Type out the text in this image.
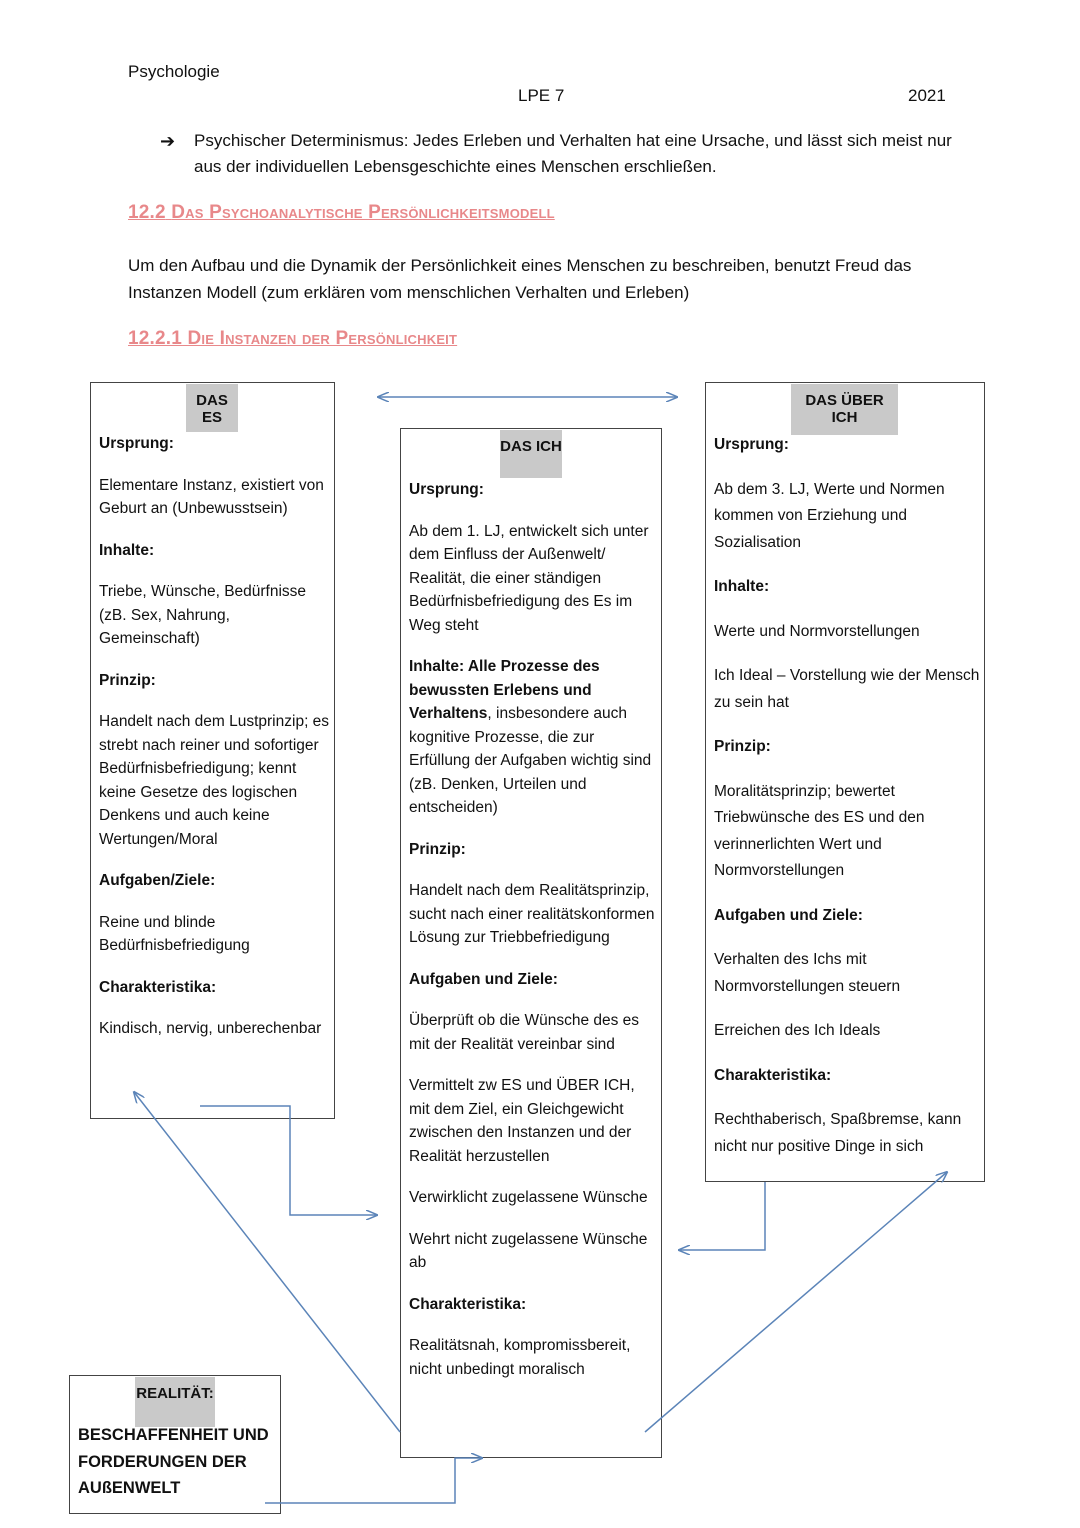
Psychologie
LPE 7	2021
➔	Psychischer Determinismus: Jedes Erleben und Verhalten hat eine Ursache, und lässt sich meist nur aus der individuellen Lebensgeschichte eines Menschen erschließen.
12.2 Das Psychoanalytische Persönlichkeitsmodell
Um den Aufbau und die Dynamik der Persönlichkeit eines Menschen zu beschreiben, benutzt Freud das Instanzen Modell (zum erklären vom menschlichen Verhalten und Erleben)
12.2.1 Die Instanzen der Persönlichkeit
DAS ES

Ursprung:

Elementare Instanz, existiert von Geburt an (Unbewusstsein)

Inhalte:

Triebe, Wünsche, Bedürfnisse (zB. Sex, Nahrung, Gemeinschaft)

Prinzip:

Handelt nach dem Lustprinzip; es strebt nach reiner und sofortiger Bedürfnisbefriedigung; kennt keine Gesetze des logischen Denkens und auch keine Wertungen/Moral

Aufgaben/Ziele:

Reine und blinde Bedürfnisbefriedigung

Charakteristika:

Kindisch, nervig, unberechenbar

DAS ICH

Ursprung:

Ab dem 1. LJ, entwickelt sich unter dem Einfluss der Außenwelt/ Realität, die einer ständigen Bedürfnisbefriedigung des Es im Weg steht

Inhalte: Alle Prozesse des bewussten Erlebens und Verhaltens, insbesondere auch kognitive Prozesse, die zur Erfüllung der Aufgaben wichtig sind (zB. Denken, Urteilen und entscheiden)

Prinzip:

Handelt nach dem Realitätsprinzip, sucht nach einer realitätskonformen Lösung zur Triebbefriedigung

Aufgaben und Ziele:

Überprüft ob die Wünsche des es mit der Realität vereinbar sind

Vermittelt zw ES und ÜBER ICH, mit dem Ziel, ein Gleichgewicht zwischen den Instanzen und der Realität herzustellen

Verwirklicht zugelassene Wünsche

Wehrt nicht zugelassene Wünsche ab

Charakteristika:

Realitätsnah, kompromissbereit, nicht unbedingt moralisch

DAS ÜBER ICH

Ursprung:

Ab dem 3. LJ, Werte und Normen kommen von Erziehung und Sozialisation

Inhalte:

Werte und Normvorstellungen

Ich Ideal – Vorstellung wie der Mensch zu sein hat

Prinzip:

Moralitätsprinzip; bewertet Triebwünsche des ES und den verinnerlichten Wert und Normvorstellungen

Aufgaben und Ziele:

Verhalten des Ichs mit Normvorstellungen steuern

Erreichen des Ich Ideals

Charakteristika:

Rechthaberisch, Spaßbremse, kann nicht nur positive Dinge in sich

REALITÄT:
BESCHAFFENHEIT UND FORDERUNGEN DER AUßENWELT
